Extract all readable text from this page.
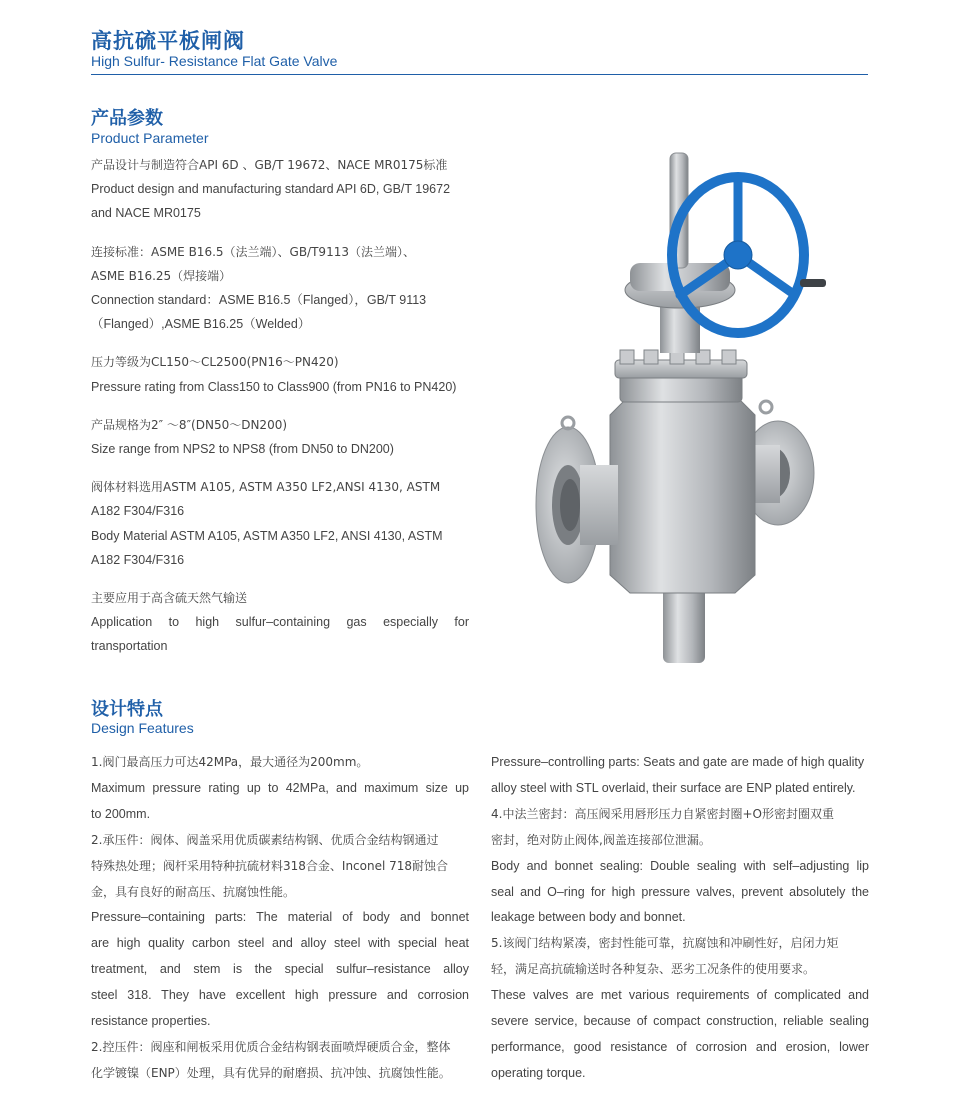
高抗硫平板闸阀
High Sulfur- Resistance Flat Gate Valve
产品参数
Product Parameter
产品设计与制造符合API 6D 、GB/T 19672、NACE MR0175标准
Product design and manufacturing standard API 6D, GB/T 19672
and NACE MR0175
连接标准：ASME B16.5（法兰端）、GB/T9113（法兰端）、
ASME B16.25（焊接端）
Connection standard：ASME B16.5（Flanged），GB/T 9113
（Flanged）,ASME B16.25（Welded）
压力等级为CL150～CL2500(PN16～PN420)
Pressure rating from Class150 to Class900 (from PN16 to PN420)
产品规格为2″ ～8″(DN50～DN200)
Size range from NPS2 to NPS8 (from DN50 to DN200)
阀体材料选用ASTM A105, ASTM A350 LF2,ANSI 4130, ASTM
A182 F304/F316
Body Material ASTM A105, ASTM A350 LF2, ANSI 4130, ASTM
A182 F304/F316
主要应用于高含硫天然气输送
Application to high sulfur–containing gas especially for
transportation
设计特点
Design Features
1.阀门最高压力可达42MPa，最大通径为200mm。
Maximum pressure rating up to 42MPa, and maximum size up
to 200mm.
2.承压件：阀体、阀盖采用优质碳素结构钢、优质合金结构钢通过
特殊热处理；阀杆采用特种抗硫材料318合金、Inconel 718耐蚀合
金，具有良好的耐高压、抗腐蚀性能。
Pressure–containing parts: The material of body and bonnet
are high quality carbon steel and alloy steel with special heat
treatment, and stem is the special sulfur–resistance alloy
steel 318. They have excellent high pressure and corrosion
resistance properties.
2.控压件：阀座和闸板采用优质合金结构钢表面喷焊硬质合金，整体
化学镀镍（ENP）处理，具有优异的耐磨损、抗冲蚀、抗腐蚀性能。
Pressure–controlling parts: Seats and gate are made of high quality
alloy steel with STL overlaid, their surface are ENP plated entirely.
4.中法兰密封：高压阀采用唇形压力自紧密封圈+O形密封圈双重
密封，绝对防止阀体,阀盖连接部位泄漏。
Body and bonnet sealing: Double sealing with self–adjusting lip
seal and O–ring for high pressure valves, prevent absolutely the
leakage between body and bonnet.
5.该阀门结构紧凑，密封性能可靠，抗腐蚀和冲刷性好，启闭力矩
轻，满足高抗硫输送时各种复杂、恶劣工况条件的使用要求。
These valves are met various requirements of complicated and
severe service, because of compact construction, reliable sealing
performance, good resistance of corrosion and erosion, lower
operating torque.
